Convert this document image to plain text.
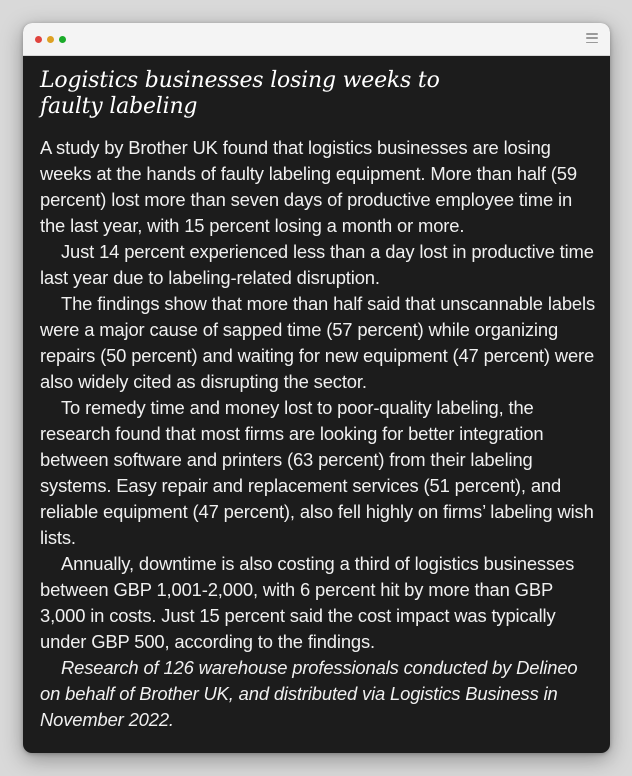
Logistics businesses losing weeks to
faulty labeling

A study by Brother UK found that logistics businesses are losing weeks at the hands of faulty labeling equipment. More than half (59 percent) lost more than seven days of productive employee time in the last year, with 15 percent losing a month or more.

Just 14 percent experienced less than a day lost in productive time last year due to labeling-related disruption.

The findings show that more than half said that unscannable labels were a major cause of sapped time (57 percent) while organizing repairs (50 percent) and waiting for new equipment (47 percent) were also widely cited as disrupting the sector.

To remedy time and money lost to poor-quality labeling, the research found that most firms are looking for better integration between software and printers (63 percent) from their labeling systems. Easy repair and replacement services (51 percent), and reliable equipment (47 percent), also fell highly on firms’ labeling wish lists.

Annually, downtime is also costing a third of logistics businesses between GBP 1,001-2,000, with 6 percent hit by more than GBP 3,000 in costs. Just 15 percent said the cost impact was typically under GBP 500, according to the findings.

Research of 126 warehouse professionals conducted by Delineo on behalf of Brother UK, and distributed via Logistics Business in November 2022.
